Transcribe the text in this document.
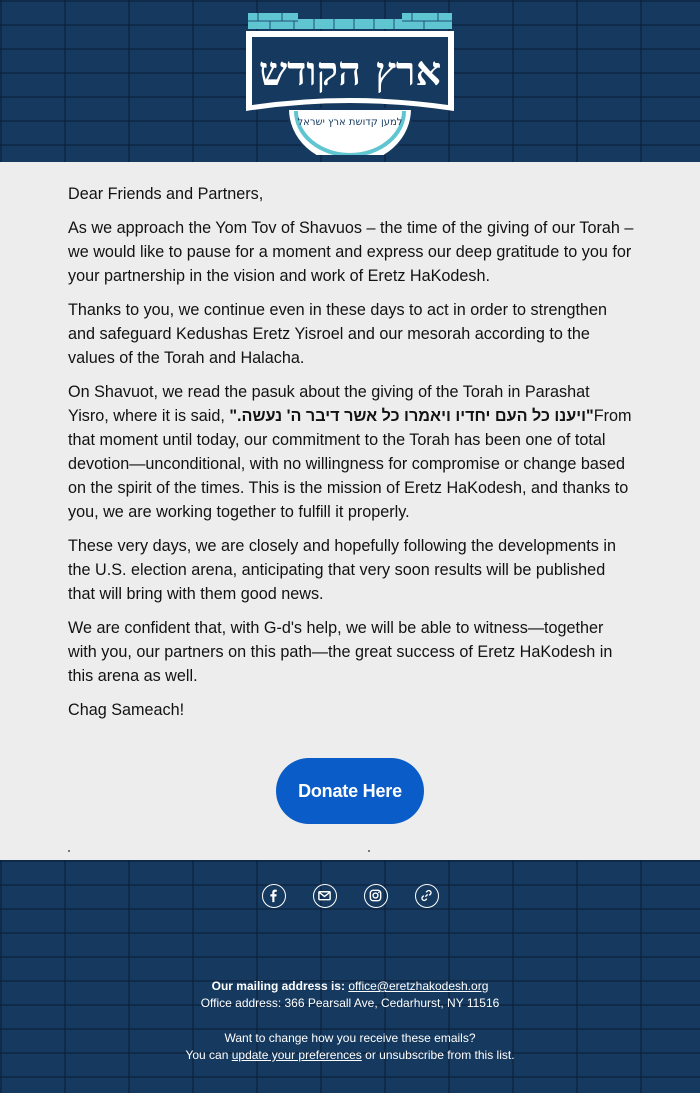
ארץ הקודש
למען קדושת ארץ ישראל

Dear Friends and Partners,

As we approach the Yom Tov of Shavuos – the time of the giving of our Torah – we would like to pause for a moment and express our deep gratitude to you for your partnership in the vision and work of Eretz HaKodesh.

Thanks to you, we continue even in these days to act in order to strengthen and safeguard Kedushas Eretz Yisroel and our mesorah according to the values of the Torah and Halacha.

On Shavuot, we read the pasuk about the giving of the Torah in Parashat Yisro, where it is said, "ויענו כל העם יחדיו ויאמרו כל אשר דיבר ה' נעשה."From that moment until today, our commitment to the Torah has been one of total devotion—unconditional, with no willingness for compromise or change based on the spirit of the times. This is the mission of Eretz HaKodesh, and thanks to you, we are working together to fulfill it properly.

These very days, we are closely and hopefully following the developments in the U.S. election arena, anticipating that very soon results will be published that will bring with them good news.

We are confident that, with G-d's help, we will be able to witness—together with you, our partners on this path—the great success of Eretz HaKodesh in this arena as well.

Chag Sameach!

Donate Here

Our mailing address is: office@eretzhakodesh.org
Office address: 366 Pearsall Ave, Cedarhurst, NY 11516
Want to change how you receive these emails?
You can update your preferences or unsubscribe from this list.
